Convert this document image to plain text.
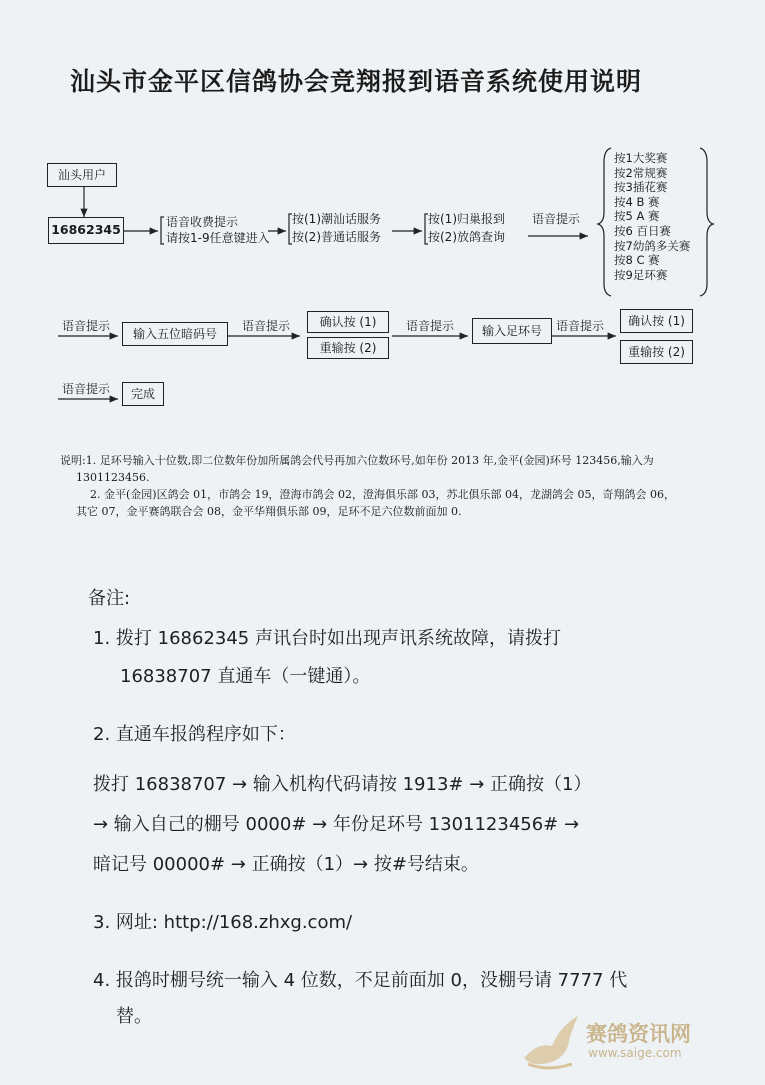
汕头市金平区信鸽协会竞翔报到语音系统使用说明
汕头用户
16862345
语音收费提示
请按1-9任意键进入
按(1)潮汕话服务
按(2)普通话服务
按(1)归巢报到
按(2)放鸽查询
语音提示
按1大奖赛
按2常规赛
按3插花赛
按4 B 赛
按5 A 赛
按6 百日赛
按7幼鸽多关赛
按8 C 赛
按9足环赛
语音提示
输入五位暗码号
语音提示	确认按 (1)
重输按 (2)
语音提示	输入足环号	语音提示	确认按 (1)
重输按 (2)
语音提示	完成

说明:1. 足环号输入十位数,即二位数年份加所属鸽会代号再加六位数环号,如年份 2013 年,金平(金园)环号 123456,输入为

1301123456.

2. 金平(金园)区鸽会 01，市鸽会 19，澄海市鸽会 02，澄海俱乐部 03，苏北俱乐部 04，龙湖鸽会 05，奇翔鸽会 06，

其它 07，金平赛鸽联合会 08，金平华翔俱乐部 09，足环不足六位数前面加 0.

备注:
1. 拨打 16862345 声讯台时如出现声讯系统故障，请拨打
16838707 直通车（一键通）。
2. 直通车报鸽程序如下：
拨打 16838707 → 输入机构代码请按 1913# → 正确按（1）
→ 输入自己的棚号 0000# → 年份足环号 1301123456# →
暗记号 00000# → 正确按（1）→ 按#号结束。
3. 网址: http://168.zhxg.com/
4. 报鸽时棚号统一输入 4 位数，不足前面加 0，没棚号请 7777 代
替。
赛鸽资讯网
www.saige.com
